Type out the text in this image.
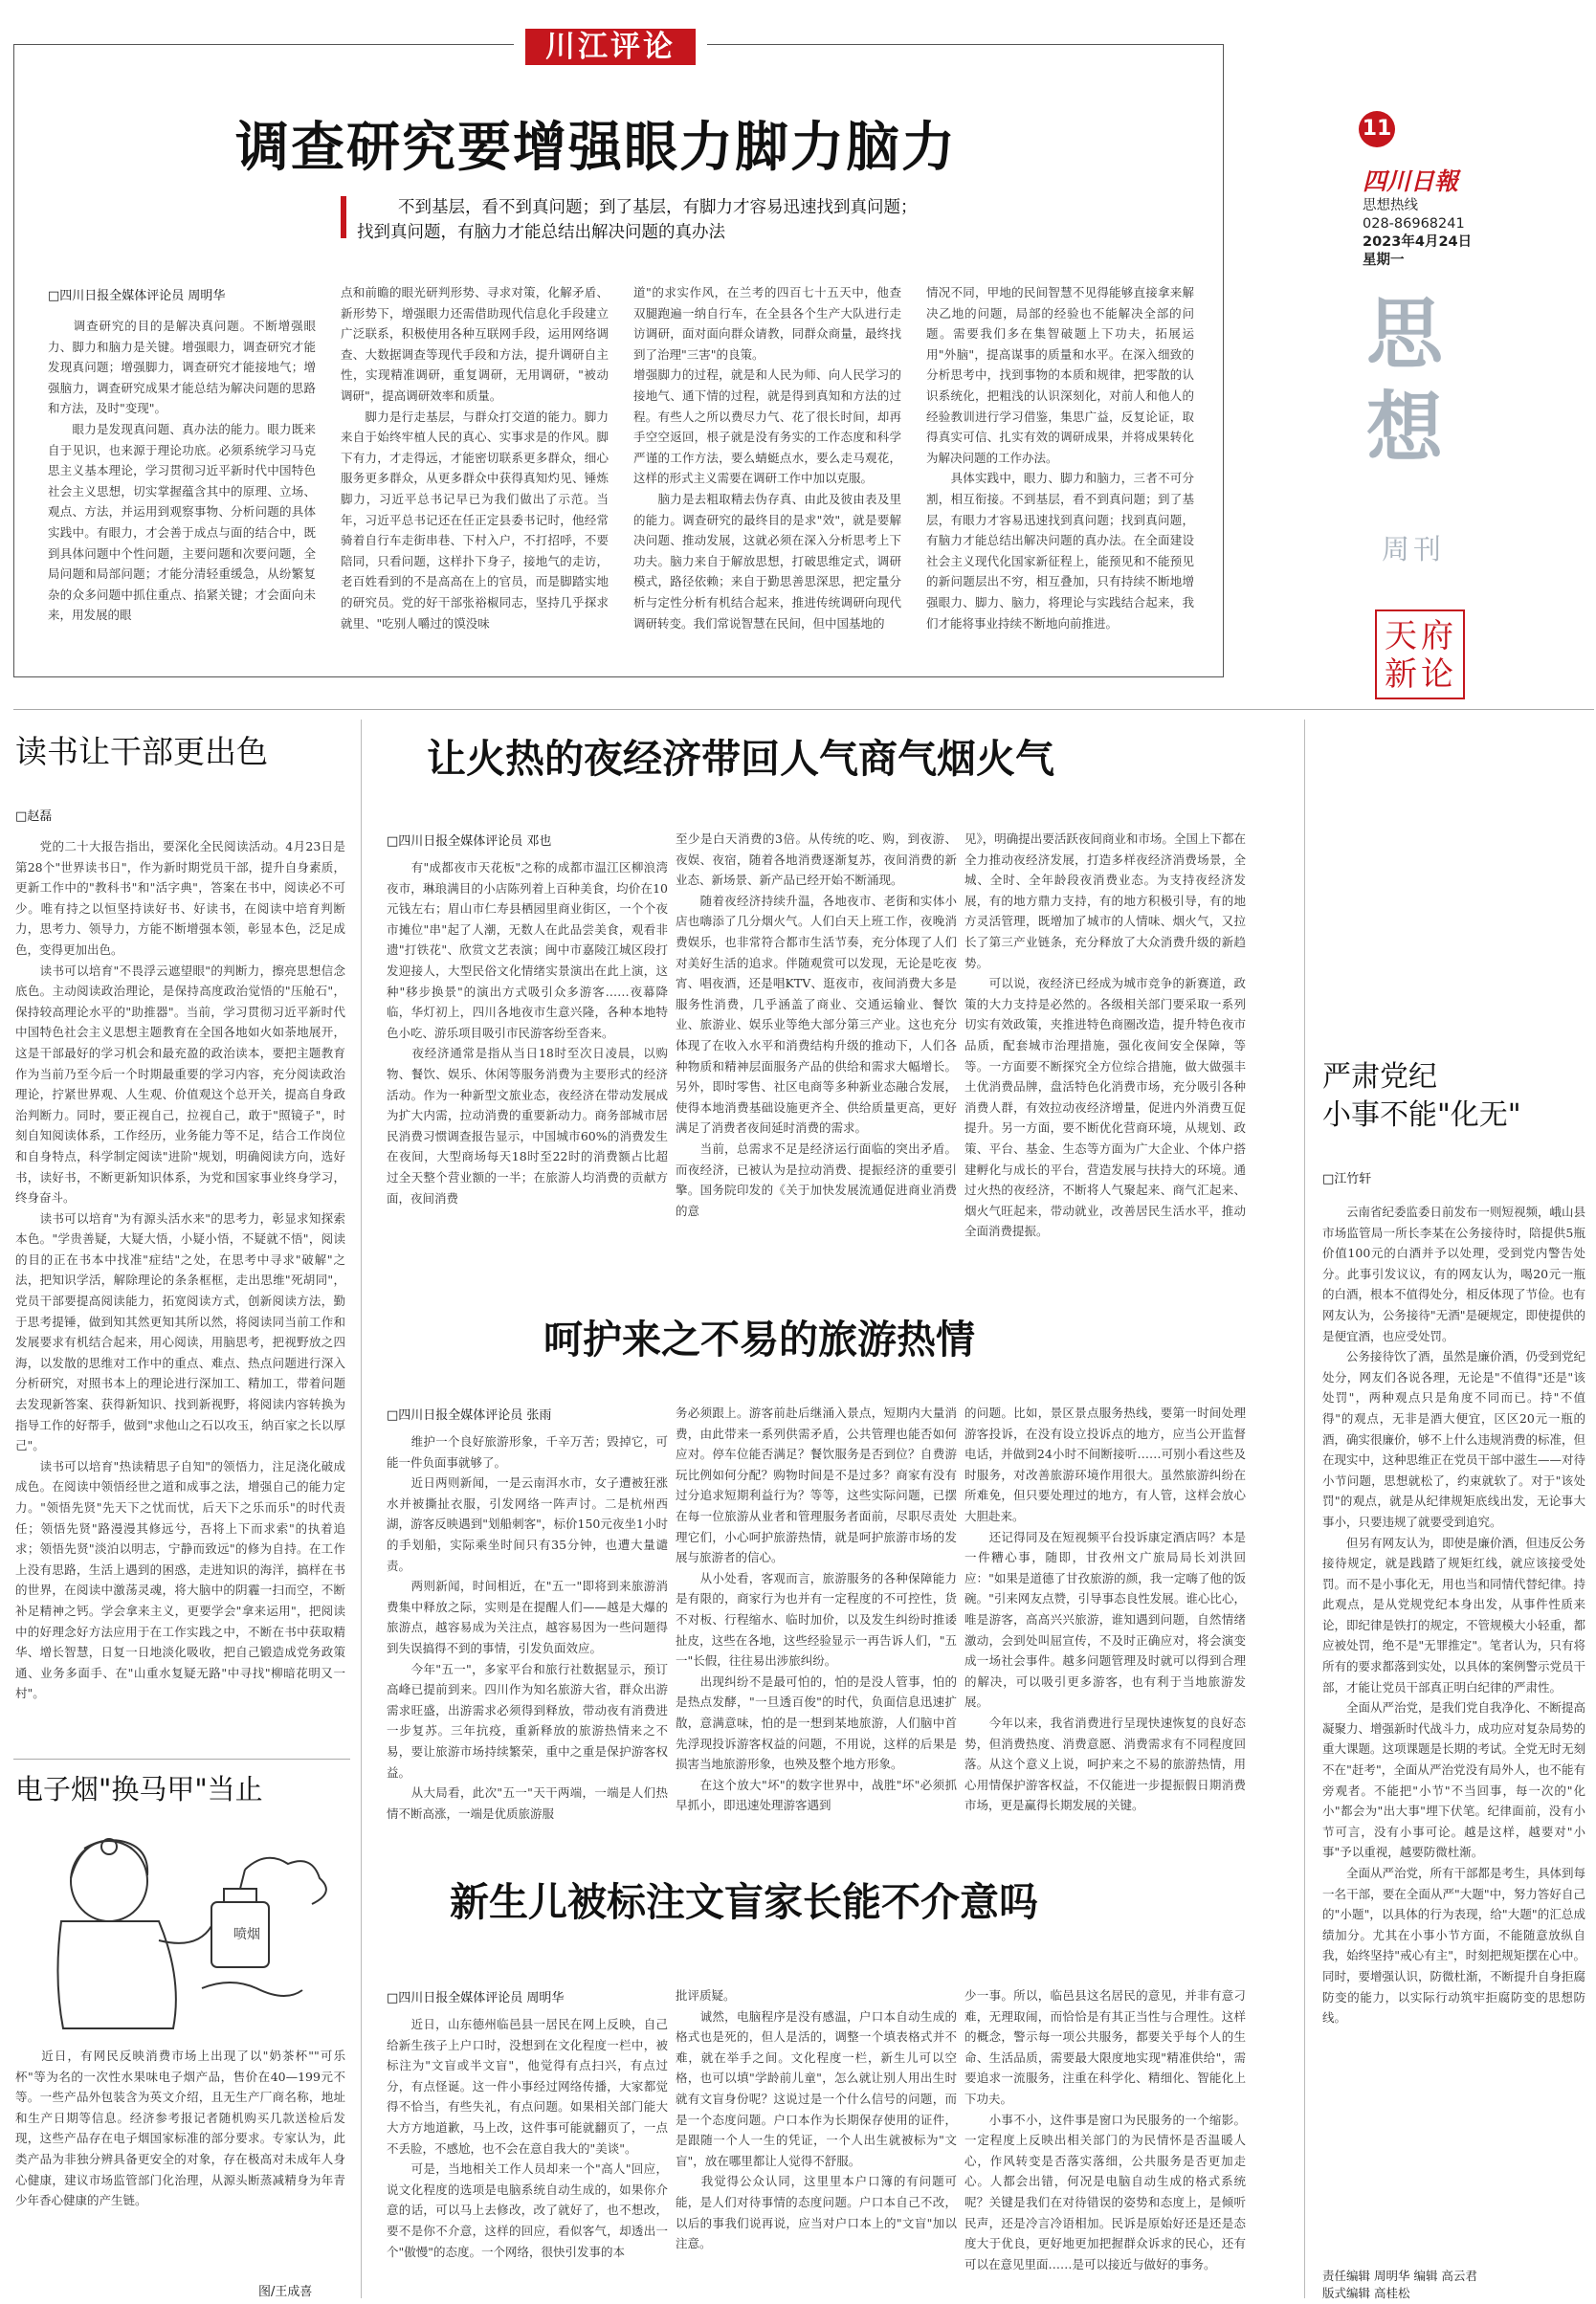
川江评论
调查研究要增强眼力脚力脑力
不到基层，看不到真问题；到了基层，有脚力才容易迅速找到真问题；
找到真问题，有脑力才能总结出解决问题的真办法
□四川日报全媒体评论员 周明华
　　调查研究的目的是解决真问题。不断增强眼力、脚力和脑力是关键。增强眼力，调查研究才能发现真问题；增强脚力，调查研究才能接地气；增强脑力，调查研究成果才能总结为解决问题的思路和方法，及时"变现"。
　　眼力是发现真问题、真办法的能力。眼力既来自于见识，也来源于理论功底。必须系统学习马克思主义基本理论，学习贯彻习近平新时代中国特色社会主义思想，切实掌握蕴含其中的原理、立场、观点、方法，并运用到观察事物、分析问题的具体实践中。有眼力，才会善于成点与面的结合中，既到具体问题中个性问题，主要问题和次要问题，全局问题和局部问题；才能分清轻重缓急，从纷繁复杂的众多问题中抓住重点、掐紧关键；才会面向未来，用发展的眼
点和前瞻的眼光研判形势、寻求对策，化解矛盾、新形势下，增强眼力还需借助现代信息化手段建立广泛联系，积极使用各种互联网手段，运用网络调查、大数据调查等现代手段和方法，提升调研自主性，实现精准调研，重复调研，无用调研，"被动调研"，提高调研效率和质量。
　　脚力是行走基层，与群众打交道的能力。脚力来自于始终牢植人民的真心、实事求是的作风。脚下有力，才走得远，才能密切联系更多群众，细心服务更多群众，从更多群众中获得真知灼见、锤炼脚力，习近平总书记早已为我们做出了示范。当年，习近平总书记还在任正定县委书记时，他经常骑着自行车走街串巷、下村入户，不打招呼，不要陪同，只看问题，这样扑下身子，接地气的走访，老百姓看到的不是高高在上的官员，而是脚踏实地的研究员。党的好干部张裕椒同志，坚持几乎探求就里、"吃别人嚼过的馍没味
道"的求实作风，在兰考的四百七十五天中，他查双腿跑遍一纳自行车，在全县各个生产大队进行走访调研，面对面向群众请教，同群众商量，最终找到了治理"三害"的良策。
增强脚力的过程，就是和人民为师、向人民学习的接地气、通下情的过程，就是得到真知和方法的过程。有些人之所以费尽力气、花了很长时间，却再手空空返回，根子就是没有务实的工作态度和科学严谨的工作方法，要么蜻蜓点水，要么走马观花，这样的形式主义需要在调研工作中加以克服。
　　脑力是去粗取精去伪存真、由此及彼由表及里的能力。调查研究的最终目的是求"效"，就是要解决问题、推动发展，这就必须在深入分析思考上下功夫。脑力来自于解放思想，打破思维定式，调研模式，路径依赖；来自于勤思善思深思，把定量分析与定性分析有机结合起来，推进传统调研向现代调研转变。我们常说智慧在民间，但中国基地的
情况不同，甲地的民间智慧不见得能够直接拿来解决乙地的问题，局部的经验也不能解决全部的问题。需要我们多在集智破题上下功夫，拓展运用"外脑"，提高谋事的质量和水平。在深入细致的分析思考中，找到事物的本质和规律，把零散的认识系统化，把粗浅的认识深刻化，对前人和他人的经验教训进行学习借鉴，集思广益，反复论证，取得真实可信、扎实有效的调研成果，并将成果转化为解决问题的工作办法。
　　具体实践中，眼力、脚力和脑力，三者不可分割，相互衔接。不到基层，看不到真问题；到了基层，有眼力才容易迅速找到真问题；找到真问题，有脑力才能总结出解决问题的真办法。在全面建设社会主义现代化国家新征程上，能预见和不能预见的新问题层出不穷，相互叠加，只有持续不断地增强眼力、脚力、脑力，将理论与实践结合起来，我们才能将事业持续不断地向前推进。
11
四川日報
思想热线
028-86968241
2023年4月24日
星期一
思想
周刊
天府新论
读书让干部更出色
□赵磊
　　党的二十大报告指出，要深化全民阅读活动。4月23日是第28个"世界读书日"，作为新时期党员干部，提升自身素质，更新工作中的"教科书"和"活字典"，答案在书中，阅读必不可少。唯有持之以恒坚持读好书、好读书，在阅读中培育判断力，思考力、领导力，方能不断增强本领，彰显本色，泛足成色，变得更加出色。
　　读书可以培育"不畏浮云遮望眼"的判断力，擦亮思想信念底色。主动阅读政治理论，是保持高度政治觉悟的"压舱石"，保持较高理论水平的"助推器"。当前，学习贯彻习近平新时代中国特色社会主义思想主题教育在全国各地如火如荼地展开，这是干部最好的学习机会和最充盈的政治读本，要把主题教育作为当前乃至今后一个时期最重要的学习内容，充分阅读政治理论，拧紧世界观、人生观、价值观这个总开关，提高自身政治判断力。同时，要正视自己，拉视自己，敢于"照镜子"，时刻自知阅读体系，工作经历，业务能力等不足，结合工作岗位和自身特点，科学制定阅读"进阶"规划，明确阅读方向，选好书，读好书，不断更新知识体系，为党和国家事业终身学习，终身奋斗。
　　读书可以培育"为有源头活水来"的思考力，彰显求知探索本色。"学贵善疑，大疑大悟，小疑小悟，不疑就不悟"，阅读的目的正在书本中找准"症结"之处，在思考中寻求"破解"之法，把知识学活，解除理论的条条框框，走出思维"死胡同"，党员干部要提高阅读能力，拓宽阅读方式，创新阅读方法，勤于思考提锤，做到知其然更知其所以然，将阅读同当前工作和发展要求有机结合起来，用心阅读，用脑思考，把视野放之四海，以发散的思维对工作中的重点、难点、热点问题进行深入分析研究，对照书本上的理论进行深加工、精加工，带着问题去发现新答案、获得新知识、找到新视野，将阅读内容转换为指导工作的好帮手，做到"求他山之石以攻玉，纳百家之长以厚己"。
　　读书可以培育"热读精思子自知"的领悟力，注足浇化破成成色。在阅读中领悟经世之道和成事之法，增强自己的能力定力。"领悟先贤"先天下之忧而忧，后天下之乐而乐"的时代责任；领悟先贤"路漫漫其修远兮，吾将上下而求索"的执着追求；领悟先贤"淡泊以明志，宁静而致远"的修为自持。在工作上没有思路，生活上遇到的困惑，走进知识的海洋，搞样在书的世界，在阅读中激荡灵魂，将大脑中的阴霾一扫而空，不断补足精神之钙。学会拿来主义，更要学会"拿来运用"，把阅读中的好理念好方法应用于在工作实践之中，不断在书中获取精华、增长智慧，日复一日地淡化吸收，把自己锻造成党务政策通、业务多面手、在"山重水复疑无路"中寻找"柳暗花明又一村"。
电子烟"换马甲"当止
喷烟
　　近日，有网民反映消费市场上出现了以"奶茶杯""可乐杯"等为名的一次性水果味电子烟产品，售价在40—199元不等。一些产品外包装含为英文介绍，且无生产厂商名称，地址和生产日期等信息。经济参考报记者随机购买几款送检后发现，这些产品存在电子烟国家标准的部分要求。专家认为，此类产品为非独分辨具备更安全的对象，存在极高对未成年人身心健康，建议市场监管部门化治理，从源头断蒸减精身为年青少年香心健康的产生链。
图/王成喜
让火热的夜经济带回人气商气烟火气
□四川日报全媒体评论员 邓也
　　有"成都夜市天花板"之称的成都市温江区柳浪湾夜市，琳琅满目的小店陈列着上百种美食，均价在10元钱左右；眉山市仁寿县栖园里商业街区，一个个夜市摊位"串"起了人潮，无数人在此品尝美食，观看非遗"打铁花"、欣赏文艺表演；闽中市嘉陵江城区段打发迎接人，大型民俗文化情绪实景演出在此上演，这种"移步换景"的演出方式吸引众多游客……夜幕降临，华灯初上，四川各地夜市生意兴隆，各种本地特色小吃、游乐项目吸引市民游客纷至沓来。
　　夜经济通常是指从当日18时至次日凌晨，以购物、餐饮、娱乐、休闲等服务消费为主要形式的经济活动。作为一种新型文旅业态，夜经济在带动发展成为扩大内需，拉动消费的重要新动力。商务部城市居民消费习惯调查报告显示，中国城市60%的消费发生在夜间，大型商场每天18时至22时的消费额占比超过全天整个营业额的一半；在旅游人均消费的贡献方面，夜间消费
至少是白天消费的3倍。从传统的吃、购，到夜游、夜娱、夜宿，随着各地消费逐渐复苏，夜间消费的新业态、新场景、新产品已经开始不断涌现。
　　随着夜经济持续升温，各地夜市、老街和实体小店也嗨添了几分烟火气。人们白天上班工作，夜晚消费娱乐，也非常符合都市生活节奏，充分体现了人们对美好生活的追求。伴随观赏可以发现，无论是吃夜宵、唱夜酒，还是唱KTV、逛夜市，夜间消费大多是服务性消费，几乎涵盖了商业、交通运输业、餐饮业、旅游业、娱乐业等绝大部分第三产业。这也充分体现了在收入水平和消费结构升级的推动下，人们各种物质和精神层面服务产品的供给和需求大幅增长。另外，即时零售、社区电商等多种新业态融合发展，使得本地消费基础设施更齐全、供给质量更高，更好满足了消费者夜间延时消费的需求。
　　当前，总需求不足是经济运行面临的突出矛盾。而夜经济，已被认为是拉动消费、提振经济的重要引擎。国务院印发的《关于加快发展流通促进商业消费的意
见》，明确提出要活跃夜间商业和市场。全国上下都在全力推动夜经济发展，打造多样夜经济消费场景，全城、全时、全年龄段夜消费业态。为支持夜经济发展，有的地方鼎力支持，有的地方积极引导，有的地方灵活管理，既增加了城市的人情味、烟火气，又拉长了第三产业链条，充分释放了大众消费升级的新趋势。
　　可以说，夜经济已经成为城市竞争的新赛道，政策的大力支持是必然的。各级相关部门要采取一系列切实有效政策，夹推进特色商圈改造，提升特色夜市品质，配套城市治理措施，强化夜间安全保障，等等。一方面要不断探究全方位综合措施，做大做强丰土优消费品牌，盘活特色化消费市场，充分吸引各种消费人群，有效拉动夜经济增量，促进内外消费互促提升。另一方面，要不断优化营商环境，从规划、政策、平台、基金、生态等方面为广大企业、个体户搭建孵化与成长的平台，营造发展与扶持大的环境。通过火热的夜经济，不断将人气聚起来、商气汇起来、烟火气旺起来，带动就业，改善居民生活水平，推动全面消费提振。
呵护来之不易的旅游热情
□四川日报全媒体评论员 张雨
　　维护一个良好旅游形象，千辛万苦；毁掉它，可能一件负面事就够了。
　　近日两则新闻，一是云南洱水市，女子遭被狂涨水并被撕扯衣服，引发网络一阵声讨。二是杭州西湖，游客反映遇到"划船刺客"，标价150元夜坐1小时的手划船，实际乘坐时间只有35分钟，也遭大量谴责。
　　两则新闻，时间相近，在"五一"即将到来旅游消费集中释放之际，实则是在提醒人们——越是大爆的旅游点，越容易成为关注点，越容易因为一些问题得到失误搞得不到的事情，引发负面效应。
　　今年"五一"，多家平台和旅行社数据显示，预订高峰已提前到来。四川作为知名旅游大省，群众出游需求旺盛，出游需求必须得到释放，带动夜有消费进一步复苏。三年抗疫，重新释放的旅游热情来之不易，要让旅游市场持续繁荣，重中之重是保护游客权益。
　　从大局看，此次"五一"天干两端，一端是人们热情不断高涨，一端是优质旅游服
务必须跟上。游客前赴后继涌入景点，短期内大量消费，由此带来一系列供需矛盾，公共管理也能否如何应对。停车位能否满足？餐饮服务是否到位？自费游玩比例如何分配？购物时间是不是过多？商家有没有过分追求短期利益行为？等等，这些实际问题，已摆在每一位旅游从业者和管理服务者面前，尽职尽责处理它们，小心呵护旅游热情，就是呵护旅游市场的发展与旅游者的信心。
　　从小处看，客观而言，旅游服务的各种保障能力是有限的，商家行为也并有一定程度的不可控性，货不对板、行程缩水、临时加价，以及发生纠纷时推诿扯皮，这些在各地，这些经验显示一再告诉人们，"五一"长假，往往易出涉旅纠纷。
　　出现纠纷不是最可怕的，怕的是没人管事，怕的是热点发酵，"一旦透百俊"的时代，负面信息迅速扩散，意满意味，怕的是一想到某地旅游，人们脑中首先浮现投诉游客权益的问题，不用说，这样的后果是损害当地旅游形象，也殃及整个地方形象。
　　在这个放大"坏"的数字世界中，战胜"坏"必须抓早抓小，即迅速处理游客遇到
的问题。比如，景区景点服务热线，要第一时间处理游客投诉，在没有设立投诉点的地方，应当公开监督电话，并做到24小时不间断接听……可别小看这些及时服务，对改善旅游环境作用很大。虽然旅游纠纷在所难免，但只要处理过的地方，有人管，这样会放心大胆赴来。
　　还记得同及在短视频平台投诉康定酒店吗？本是一件糟心事，随即，甘孜州文广旅局局长刘洪回应："如果是道德了甘孜旅游的颜，我一定嗨了他的饭碗。"引来网友点赞，引导事态良性发展。谁心比心，唯是游客，高高兴兴旅游，谁知遇到问题，自然情绪激动，会到处叫屈宣传，不及时正确应对，将会演变成一场社会事件。越多问题管理及时就可以得到合理的解决，可以吸引更多游客，也有利于当地旅游发展。
　　今年以来，我省消费进行呈现快速恢复的良好态势，但消费热度、消费意愿、消费需求有不同程度回落。从这个意义上说，呵护来之不易的旅游热情，用心用情保护游客权益，不仅能进一步提振假日期消费市场，更是赢得长期发展的关键。
新生儿被标注文盲家长能不介意吗
□四川日报全媒体评论员 周明华
　　近日，山东德州临邑县一居民在网上反映，自己给新生孩子上户口时，没想到在文化程度一栏中，被标注为"文盲或半文盲"，他觉得有点扫兴，有点过分，有点怪诞。这一件小事经过网络传播，大家都觉得不恰当，有些失礼，有点问题。如果相关部门能大大方方地道歉，马上改，这件事可能就翻页了，一点不丢脸，不感尬，也不会在意自我大的"美谈"。
　　可是，当地相关工作人员却来一个"高人"回应，说文化程度的选项是电脑系统自动生成的，如果你介意的话，可以马上去修改，改了就好了，也不想改，要不是你不介意，这样的回应，看似客气，却透出一个"傲慢"的态度。一个网络，很快引发事的本
批评质疑。
　　诚然，电脑程序是没有感温，户口本自动生成的格式也是死的，但人是活的，调整一个填表格式并不难，就在举手之间。文化程度一栏，新生儿可以空格，也可以填"学龄前儿童"，怎么就让别人用出生时就有文盲身份呢？这说过是一个什么信号的问题，而是一个态度问题。户口本作为长期保存使用的证件，是跟随一个人一生的凭证，一个人出生就被标为"文盲"，放在哪里都让人觉得不舒服。
　　我觉得公众认同，这里里本户口簿的有问题可能，是人们对待事情的态度问题。户口本自己不改，以后的事我们说再说，应当对户口本上的"文盲"加以注意。
少一事。所以，临邑县这名居民的意见，并非有意刁难，无理取闹，而恰恰是有其正当性与合理性。这样的概念，警示每一项公共服务，都要关乎每个人的生命、生活品质，需要最大限度地实现"精准供给"，需要追求一流服务，注重在科学化、精细化、智能化上下功夫。
　　小事不小，这件事是窗口为民服务的一个缩影。一定程度上反映出相关部门的为民情怀是否温暖人心，作风转变是否落实落细，公共服务是否更加走心。人都会出错，何况是电脑自动生成的格式系统呢？关键是我们在对待错误的姿势和态度上，是倾听民声，还是冷言冷语相加。民诉是原始好还是还是态度大于优良，更好地更加把握群众诉求的民心，还有可以在意见里面……是可以接近与做好的事务。
严肃党纪
小事不能"化无"
□江竹轩
　　云南省纪委监委日前发布一则短视频，峨山县市场监管局一所长李某在公务接待时，陪提供5瓶价值100元的白酒并予以处理，受到党内警告处分。此事引发议议，有的网友认为，喝20元一瓶的白酒，根本不值得处分，相反体现了节俭。也有网友认为，公务接待"无酒"是硬规定，即使提供的是便宜酒，也应受处罚。
　　公务接待饮了酒，虽然是廉价酒，仍受到党纪处分，网友们各说各理，无论是"不值得"还是"该处罚"，两种观点只是角度不同而已。持"不值得"的观点，无非是酒大便宜，区区20元一瓶的酒，确实很廉价，够不上什么违规消费的标准，但在现实中，这种思维正在党员干部中滋生——对待小节问题，思想就松了，约束就软了。对于"该处罚"的观点，就是从纪律规矩底线出发，无论事大事小，只要违规了就要受到追究。
　　但另有网友认为，即使是廉价酒，但违反公务接待规定，就是践踏了规矩红线，就应该接受处罚。而不是小事化无，用也当和同情代替纪律。持此观点，是从党规党纪本身出发，从事件性质来论，即纪律是铁打的规定，不管规模大小轻重，都应被处罚，绝不是"无罪推定"。笔者认为，只有将所有的要求都落到实处，以具体的案例警示党员干部，才能让党员干部真正明白纪律的严肃性。
　　全面从严治党，是我们党自我净化、不断提高凝聚力、增强新时代战斗力，成功应对复杂局势的重大课题。这项课题是长期的考试。全党无时无刻不在"赶考"，全面从严治党没有局外人，也不能有旁观者。不能把"小节"不当回事，每一次的"化小"都会为"出大事"埋下伏笔。纪律面前，没有小节可言，没有小事可论。越是这样，越要对"小事"予以重视，越要防微杜渐。
　　全面从严治党，所有干部都是考生，具体到每一名干部，要在全面从严"大题"中，努力答好自己的"小题"，以具体的行为表现，给"大题"的汇总成绩加分。尤其在小事小节方面，不能随意放纵自我，始终坚持"戒心有主"，时刻把规矩摆在心中。同时，要增强认识，防微杜渐，不断提升自身拒腐防变的能力，以实际行动筑牢拒腐防变的思想防线。
责任编辑 周明华 编辑 高云君
版式编辑 高桂松
